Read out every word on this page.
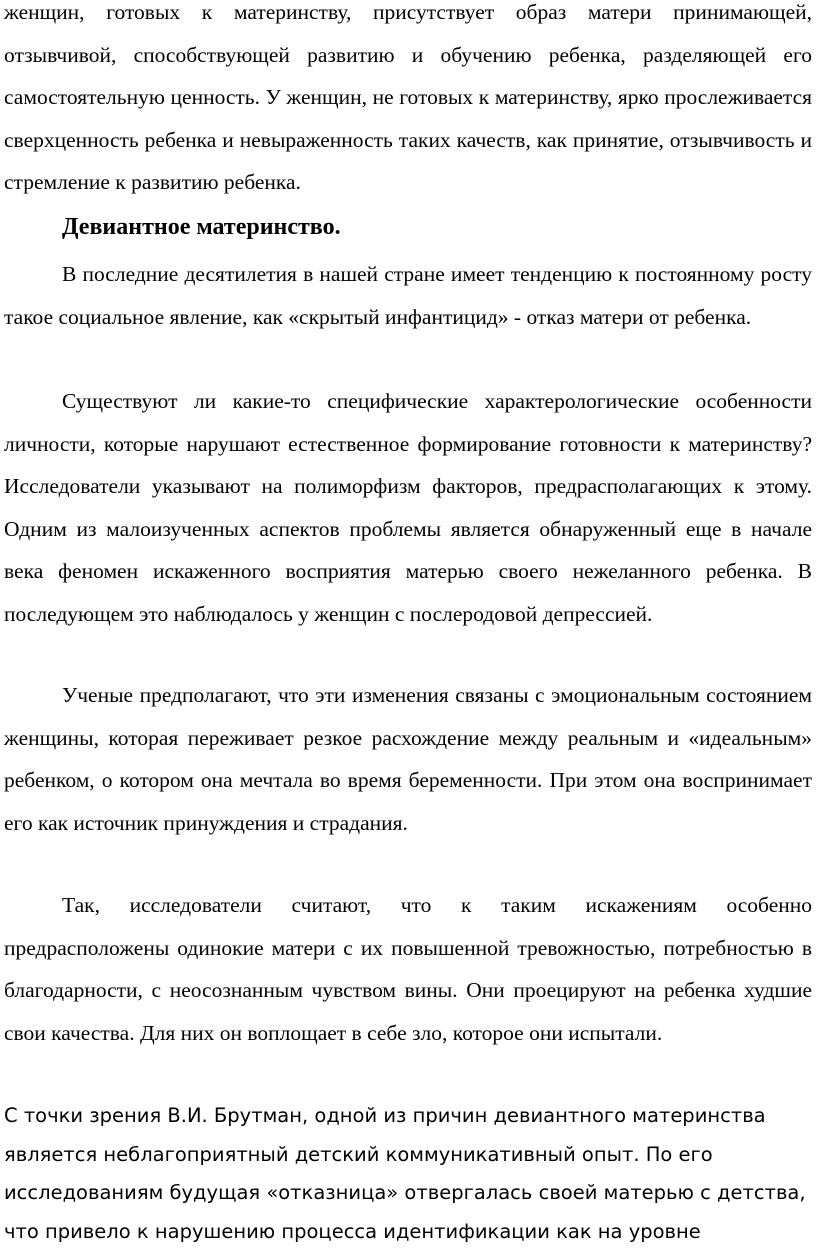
женщин, готовых к материнству, присутствует образ матери принимающей, отзывчивой, способствующей развитию и обучению ребенка, разделяющей его самостоятельную ценность. У женщин, не готовых к материнству, ярко прослеживается сверхценность ребенка и невыраженность таких качеств, как принятие, отзывчивость и стремление к развитию ребенка.

Девиантное материнство.

В последние десятилетия в нашей стране имеет тенденцию к постоянному росту такое социальное явление, как «скрытый инфантицид» - отказ матери от ребенка.

Существуют ли какие-то специфические характерологические особенности личности, которые нарушают естественное формирование готовности к материнству? Исследователи указывают на полиморфизм факторов, предрасполагающих к этому. Одним из малоизученных аспектов проблемы является обнаруженный еще в начале века феномен искаженного восприятия матерью своего нежеланного ребенка. В последующем это наблюдалось у женщин с послеродовой депрессией.

Ученые предполагают, что эти изменения связаны с эмоциональным состоянием женщины, которая переживает резкое расхождение между реальным и «идеальным» ребенком, о котором она мечтала во время беременности. При этом она воспринимает его как источник принуждения и страдания.

Так, исследователи считают, что к таким искажениям особенно предрасположены одинокие матери с их повышенной тревожностью, потребностью в благодарности, с неосознанным чувством вины. Они проецируют на ребенка худшие свои качества. Для них он воплощает в себе зло, которое они испытали.

С точки зрения В.И. Брутман, одной из причин девиантного материнства является неблагоприятный детский коммуникативный опыт. По его исследованиям будущая «отказница» отвергалась своей матерью с детства, что привело к нарушению процесса идентификации как на уровне
